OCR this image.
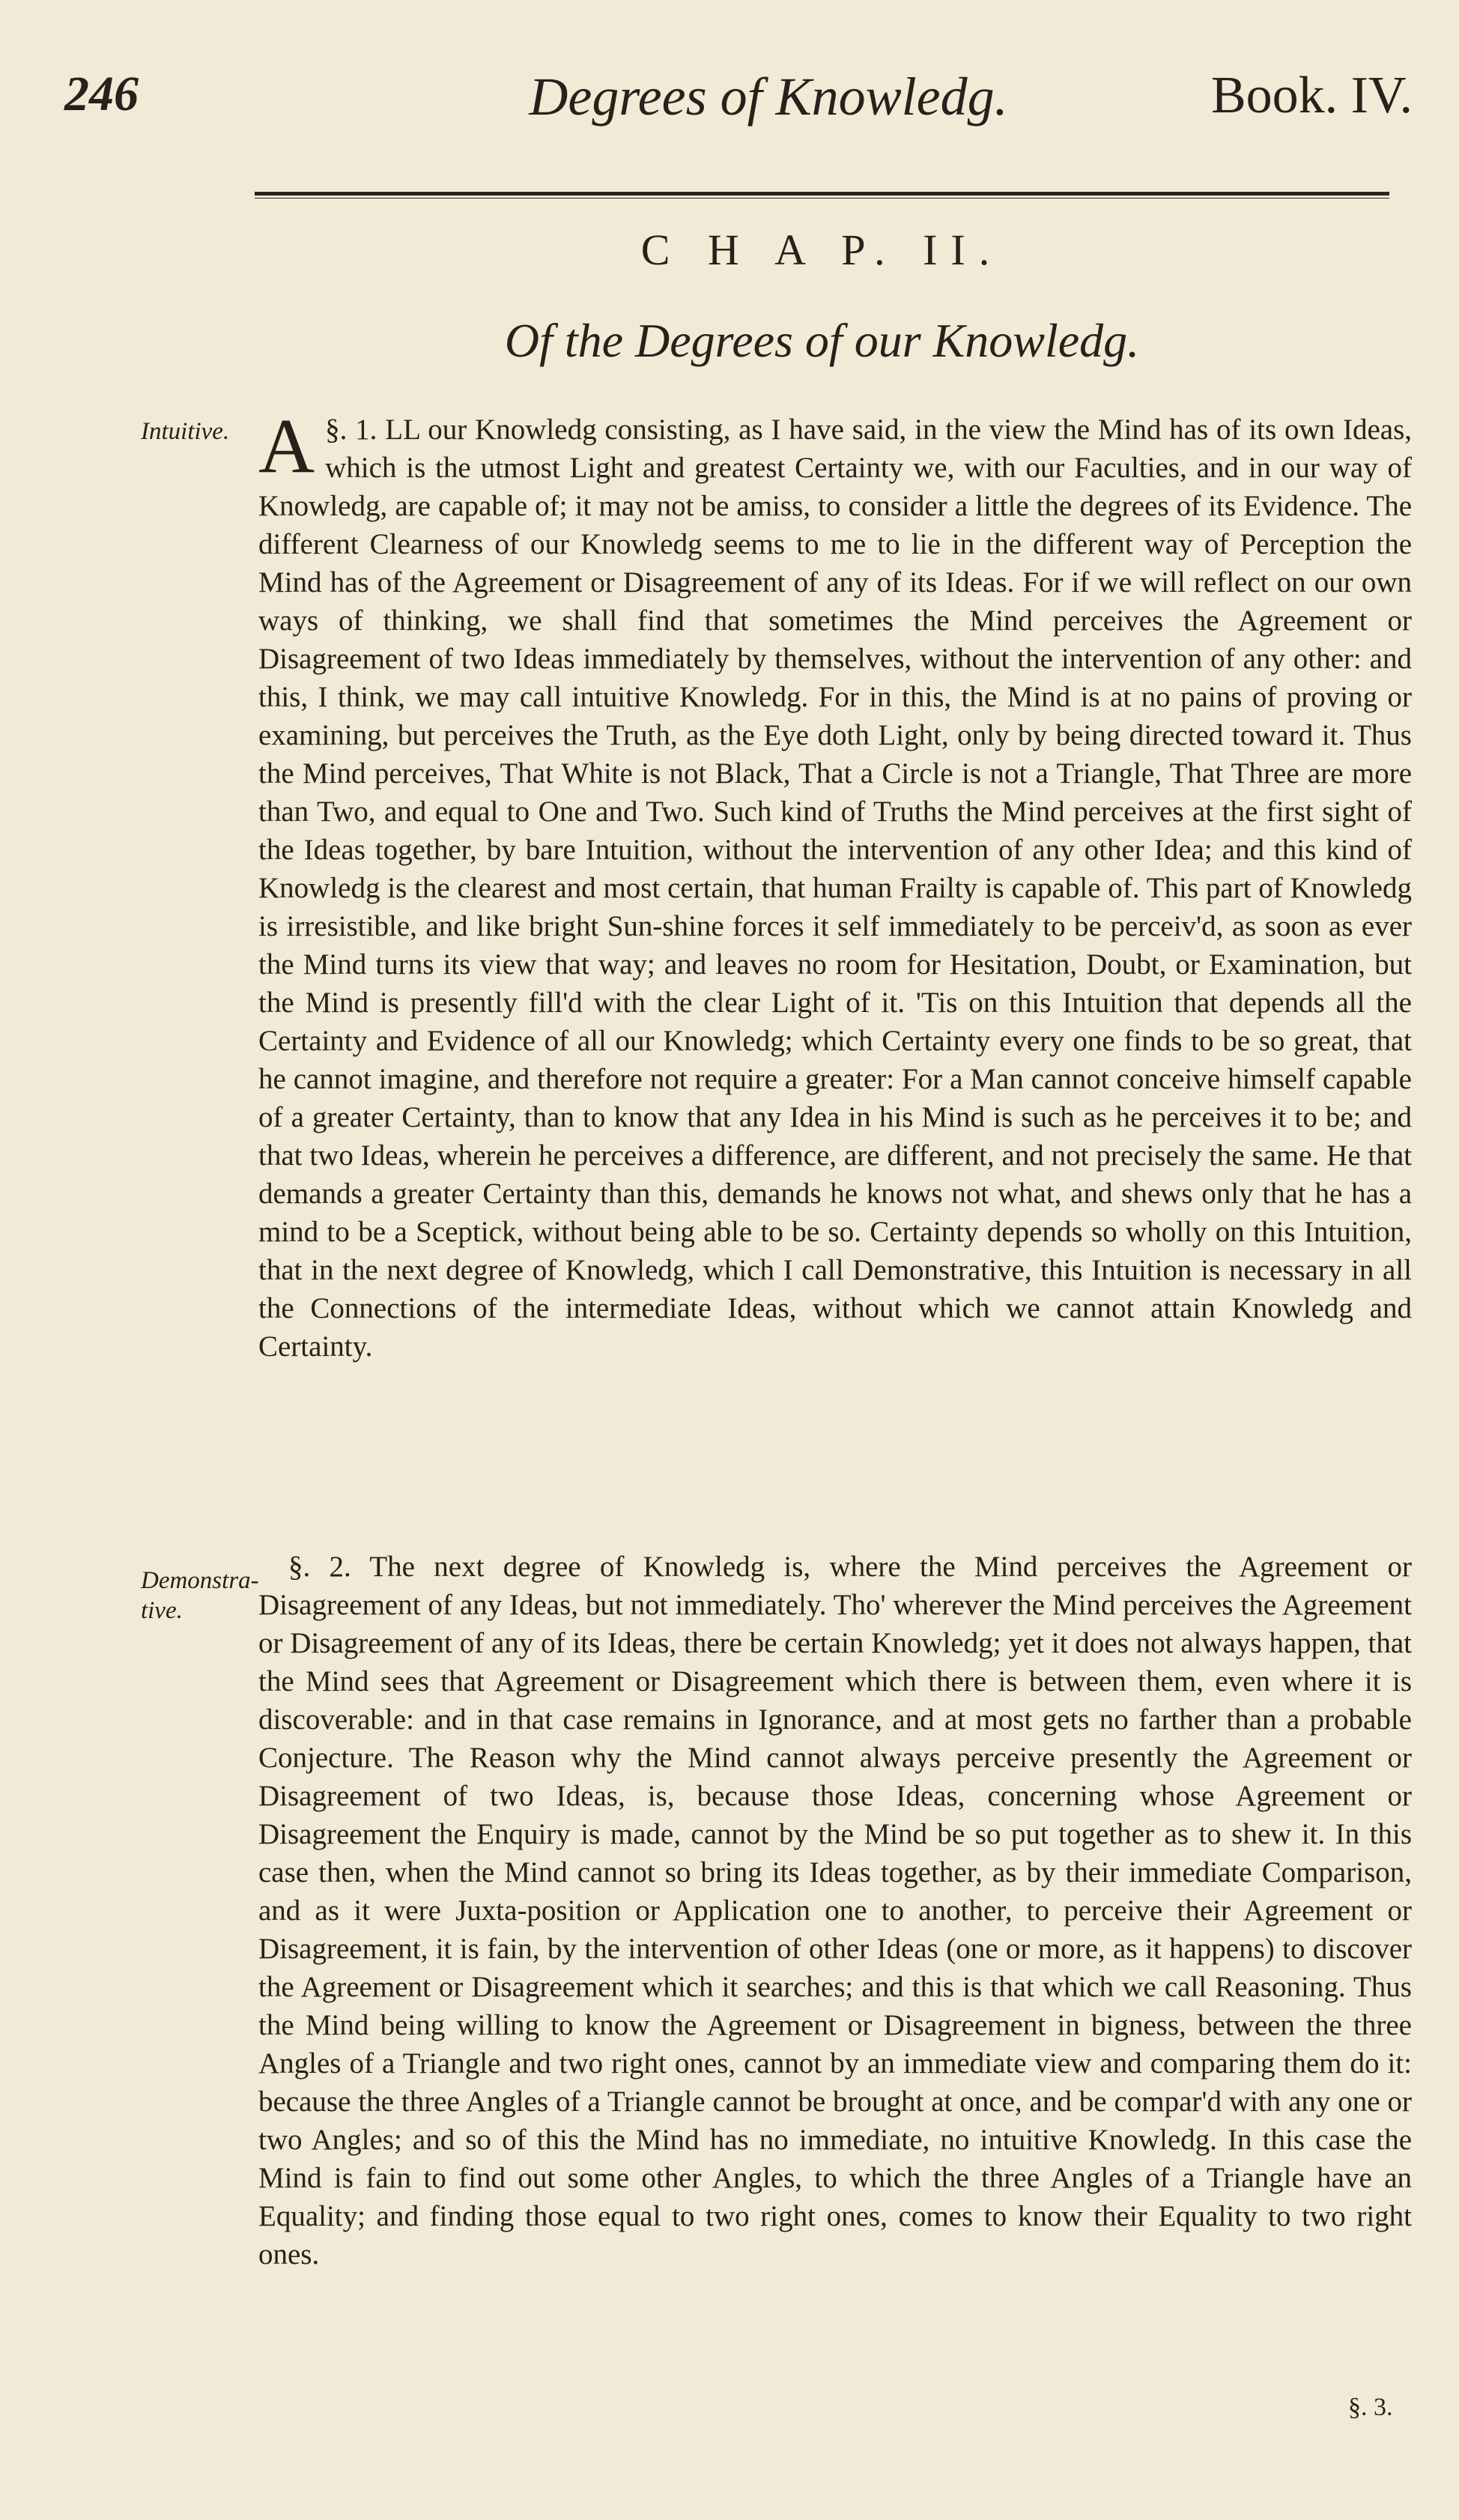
246	Degrees of Knowledg.	Book. IV.
C H A P. II.
Of the Degrees of our Knowledg.
Intuitive.
Demonstra-
tive.
§. 1.
A LL our Knowledg consisting, as I have said, in the view the Mind has of its own Ideas, which is the utmost Light and greatest Certainty we, with our Faculties, and in our way of Knowledg, are capable of; it may not be amiss, to consider a little the degrees of its Evidence. The different Clearness of our Knowledg seems to me to lie in the different way of Perception the Mind has of the Agreement or Disagreement of any of its Ideas. For if we will reflect on our own ways of thinking, we shall find that sometimes the Mind perceives the Agreement or Disagreement of two Ideas immediately by themselves, without the intervention of any other: and this, I think, we may call intuitive Knowledg. For in this, the Mind is at no pains of proving or examining, but perceives the Truth, as the Eye doth Light, only by being directed toward it. Thus the Mind perceives, That White is not Black, That a Circle is not a Triangle, That Three are more than Two, and equal to One and Two. Such kind of Truths the Mind perceives at the first sight of the Ideas together, by bare Intuition, without the intervention of any other Idea; and this kind of Knowledg is the clearest and most certain, that human Frailty is capable of. This part of Knowledg is irresistible, and like bright Sun-shine forces it self immediately to be perceiv'd, as soon as ever the Mind turns its view that way; and leaves no room for Hesitation, Doubt, or Examination, but the Mind is presently fill'd with the clear Light of it. 'Tis on this Intuition that depends all the Certainty and Evidence of all our Knowledg; which Certainty every one finds to be so great, that he cannot imagine, and therefore not require a greater: For a Man cannot conceive himself capable of a greater Certainty, than to know that any Idea in his Mind is such as he perceives it to be; and that two Ideas, wherein he perceives a difference, are different, and not precisely the same. He that demands a greater Certainty than this, demands he knows not what, and shews only that he has a mind to be a Sceptick, without being able to be so. Certainty depends so wholly on this Intuition, that in the next degree of Knowledg, which I call Demonstrative, this Intuition is necessary in all the Connections of the intermediate Ideas, without which we cannot attain Knowledg and Certainty.
§. 2. The next degree of Knowledg is, where the Mind perceives the Agreement or Disagreement of any Ideas, but not immediately. Tho' wherever the Mind perceives the Agreement or Disagreement of any of its Ideas, there be certain Knowledg; yet it does not always happen, that the Mind sees that Agreement or Disagreement which there is between them, even where it is discoverable: and in that case remains in Ignorance, and at most gets no farther than a probable Conjecture. The Reason why the Mind cannot always perceive presently the Agreement or Disagreement of two Ideas, is, because those Ideas, concerning whose Agreement or Disagreement the Enquiry is made, cannot by the Mind be so put together as to shew it. In this case then, when the Mind cannot so bring its Ideas together, as by their immediate Comparison, and as it were Juxta-position or Application one to another, to perceive their Agreement or Disagreement, it is fain, by the intervention of other Ideas (one or more, as it happens) to discover the Agreement or Disagreement which it searches; and this is that which we call Reasoning. Thus the Mind being willing to know the Agreement or Disagreement in bigness, between the three Angles of a Triangle and two right ones, cannot by an immediate view and comparing them do it: because the three Angles of a Triangle cannot be brought at once, and be compar'd with any one or two Angles; and so of this the Mind has no immediate, no intuitive Knowledg. In this case the Mind is fain to find out some other Angles, to which the three Angles of a Triangle have an Equality; and finding those equal to two right ones, comes to know their Equality to two right ones.
§. 3.
